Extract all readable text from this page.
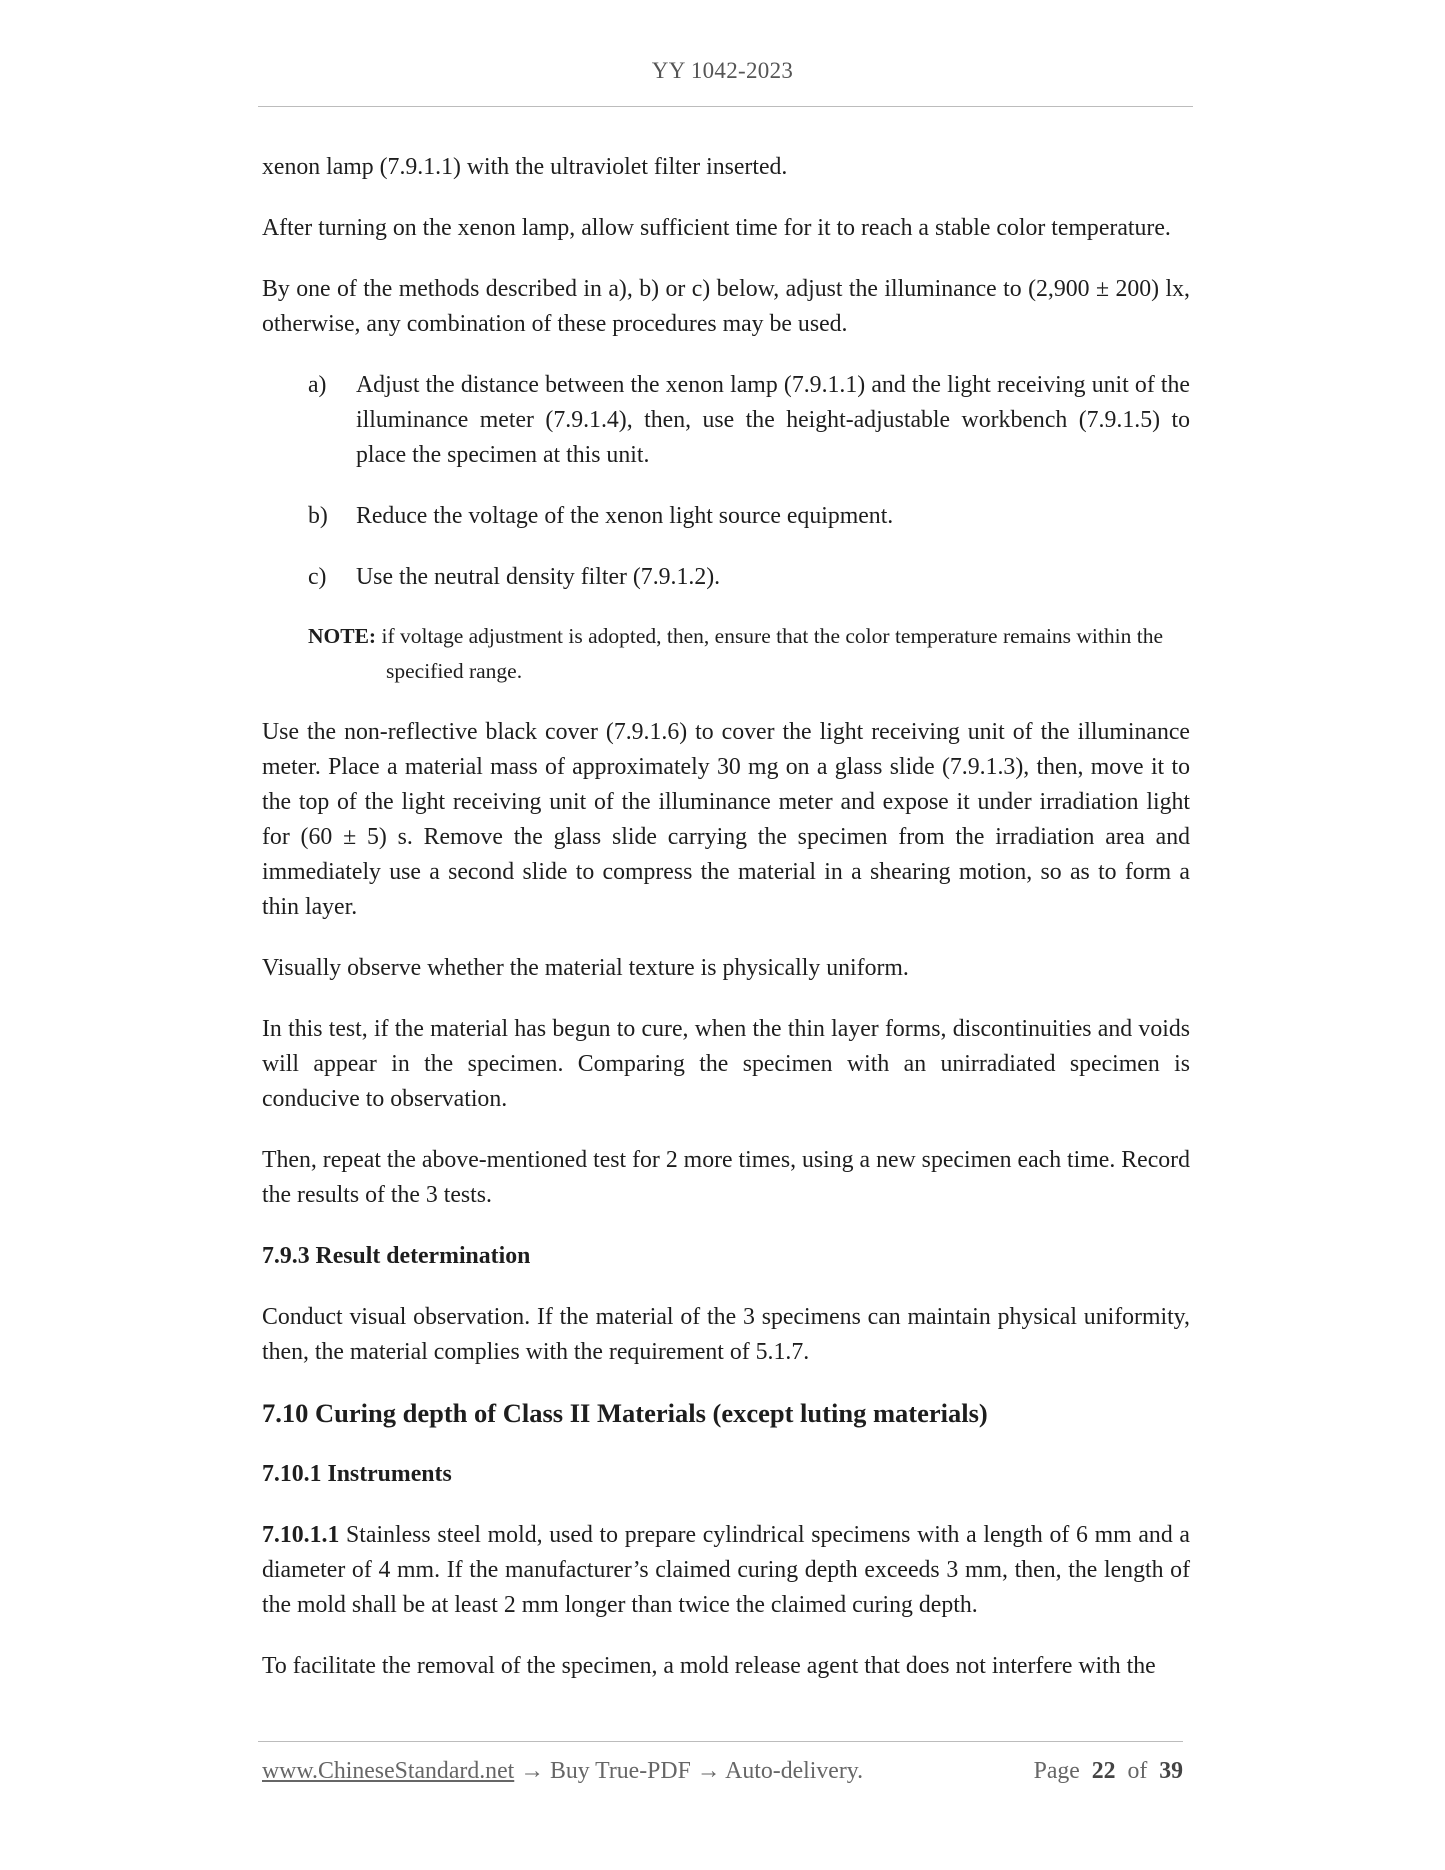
YY 1042-2023

xenon lamp (7.9.1.1) with the ultraviolet filter inserted.

After turning on the xenon lamp, allow sufficient time for it to reach a stable color temperature.

By one of the methods described in a), b) or c) below, adjust the illuminance to (2,900 ± 200) lx, otherwise, any combination of these procedures may be used.

a)	Adjust the distance between the xenon lamp (7.9.1.1) and the light receiving unit of the illuminance meter (7.9.1.4), then, use the height-adjustable workbench (7.9.1.5) to place the specimen at this unit.
b)	Reduce the voltage of the xenon light source equipment.
c)	Use the neutral density filter (7.9.1.2).
NOTE: if voltage adjustment is adopted, then, ensure that the color temperature remains within the
specified range.

Use the non-reflective black cover (7.9.1.6) to cover the light receiving unit of the illuminance meter. Place a material mass of approximately 30 mg on a glass slide (7.9.1.3), then, move it to the top of the light receiving unit of the illuminance meter and expose it under irradiation light for (60 ± 5) s. Remove the glass slide carrying the specimen from the irradiation area and immediately use a second slide to compress the material in a shearing motion, so as to form a thin layer.

Visually observe whether the material texture is physically uniform.

In this test, if the material has begun to cure, when the thin layer forms, discontinuities and voids will appear in the specimen. Comparing the specimen with an unirradiated specimen is conducive to observation.

Then, repeat the above-mentioned test for 2 more times, using a new specimen each time. Record the results of the 3 tests.

7.9.3 Result determination

Conduct visual observation. If the material of the 3 specimens can maintain physical uniformity, then, the material complies with the requirement of 5.1.7.

7.10 Curing depth of Class II Materials (except luting materials)
7.10.1 Instruments

7.10.1.1 Stainless steel mold, used to prepare cylindrical specimens with a length of 6 mm and a diameter of 4 mm. If the manufacturer’s claimed curing depth exceeds 3 mm, then, the length of the mold shall be at least 2 mm longer than twice the claimed curing depth.

To facilitate the removal of the specimen, a mold release agent that does not interfere with the

www.ChineseStandard.net → Buy True-PDF → Auto-delivery.	Page 22 of 39
